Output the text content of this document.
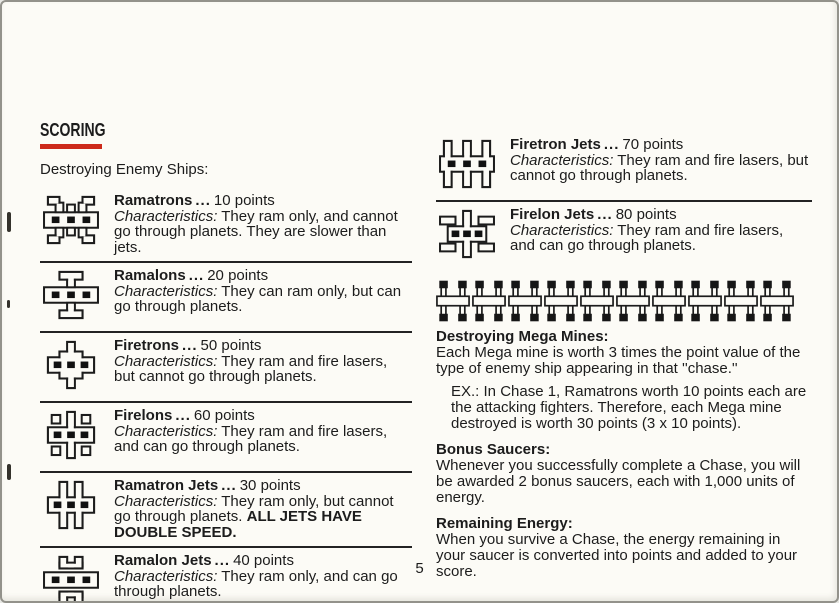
SCORING

Destroying Enemy Ships:

Ramatrons ... 10 points
Characteristics: They ram only, and cannot go through planets. They are slower than jets.
Ramalons ... 20 points
Characteristics: They can ram only, but can go through planets.
Firetrons ... 50 points
Characteristics: They ram and fire lasers, but cannot go through planets.
Firelons ... 60 points
Characteristics: They ram and fire lasers, and can go through planets.
Ramatron Jets ... 30 points
Characteristics: They ram only, but cannot go through planets. ALL JETS HAVE DOUBLE SPEED.
Ramalon Jets ... 40 points
Characteristics: They ram only, and can go through planets.
Firetron Jets ... 70 points
Characteristics: They ram and fire lasers, but cannot go through planets.
Firelon Jets ... 80 points
Characteristics: They ram and fire lasers, and can go through planets.

Destroying Mega Mines:

Each Mega mine is worth 3 times the point value of the type of enemy ship appearing in that ''chase.''

EX.: In Chase 1, Ramatrons worth 10 points each are the attacking fighters. Therefore, each Mega mine destroyed is worth 30 points (3 x 10 points).

Bonus Saucers:

Whenever you successfully complete a Chase, you will be awarded 2 bonus saucers, each with 1,000 units of energy.

Remaining Energy:

When you survive a Chase, the energy remaining in your saucer is converted into points and added to your score.

5
